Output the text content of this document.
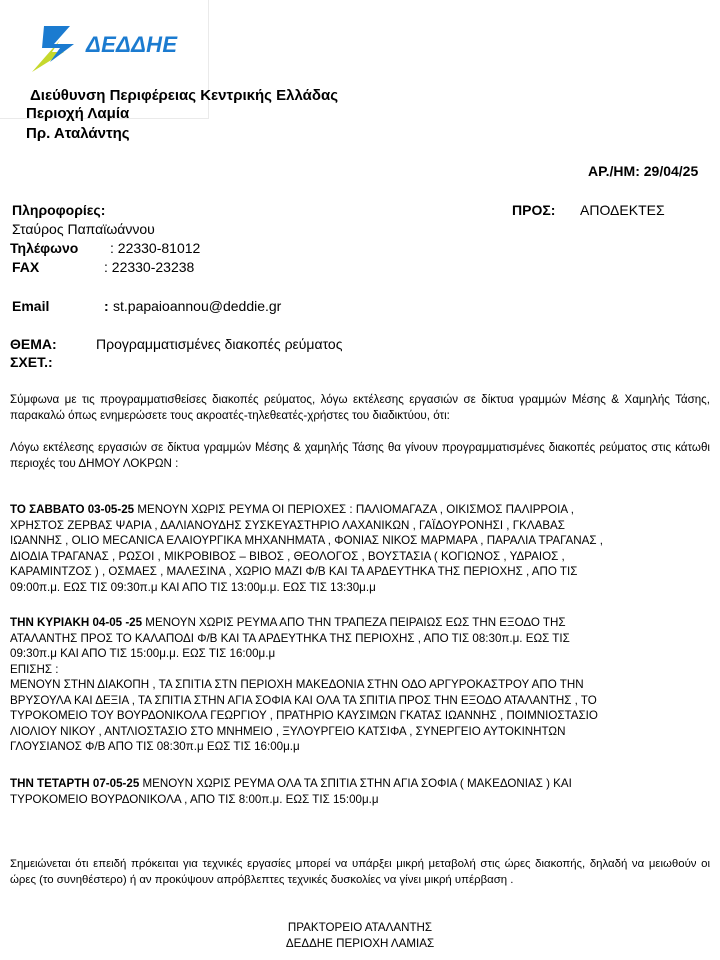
ΔΕΔΔΗΕ
Διεύθυνση Περιφέρειας Κεντρικής Ελλάδας
Περιοχή Λαμία
Πρ. Αταλάντης
ΑΡ./ΗΜ: 29/04/25
Πληροφορίες:
Σταύρος Παπαϊωάννου
Τηλέφωνο : 22330-81012
FAX	: 22330-23238
Email	: st.papaioannou@deddie.gr
ΠΡΟΣ: ΑΠΟΔΕΚΤΕΣ
ΘΕΜΑ:	Προγραμματισμένες διακοπές ρεύματος
ΣΧΕΤ.:
Σύμφωνα με τις προγραμματισθείσες διακοπές ρεύματος, λόγω εκτέλεσης εργασιών σε δίκτυα γραμμών Μέσης & Χαμηλής Τάσης, παρακαλώ όπως ενημερώσετε τους ακροατές-τηλεθεατές-χρήστες του διαδικτύου, ότι:
Λόγω εκτέλεσης εργασιών σε δίκτυα γραμμών Μέσης & χαμηλής Τάσης θα γίνουν προγραμματισμένες διακοπές ρεύματος στις κάτωθι περιοχές του ΔΗΜΟΥ ΛΟΚΡΩΝ :
ΤΟ ΣΑΒΒΑΤΟ 03-05-25 ΜΕΝΟΥΝ ΧΩΡΙΣ ΡΕΥΜΑ ΟΙ ΠΕΡΙΟΧΕΣ : ΠΑΛΙΟΜΑΓΑΖΑ , ΟΙΚΙΣΜΟΣ ΠΑΛΙΡΡΟΙΑ ,
ΧΡΗΣΤΟΣ ΖΕΡΒΑΣ ΨΑΡΙΑ , ΔΑΛΙΑΝΟΥΔΗΣ ΣΥΣΚΕΥΑΣΤΗΡΙΟ ΛΑΧΑΝΙΚΩΝ , ΓΑΪΔΟΥΡΟΝΗΣΙ , ΓΚΛΑΒΑΣ
ΙΩΑΝΝΗΣ , OLIO MECANICA ΕΛΑΙΟΥΡΓΙΚΑ ΜΗΧΑΝΗΜΑΤΑ , ΦΟΝΙΑΣ ΝΙΚΟΣ ΜΑΡΜΑΡΑ , ΠΑΡΑΛΙΑ ΤΡΑΓΑΝΑΣ ,
ΔΙΟΔΙΑ ΤΡΑΓΑΝΑΣ , ΡΩΣΟΙ , ΜΙΚΡΟΒΙΒΟΣ – ΒΙΒΟΣ , ΘΕΟΛΟΓΟΣ , ΒΟΥΣΤΑΣΙΑ ( ΚΟΓΙΩΝΟΣ , ΥΔΡΑΙΟΣ ,
ΚΑΡΑΜΙΝΤΖΟΣ ) , ΟΣΜΑΕΣ , ΜΑΛΕΣΙΝΑ , ΧΩΡΙΟ ΜΑΖΙ Φ/Β ΚΑΙ ΤΑ ΑΡΔΕΥΤΗΚΑ ΤΗΣ ΠΕΡΙΟΧΗΣ , ΑΠΟ ΤΙΣ
09:00π.μ. ΕΩΣ ΤΙΣ 09:30π.μ ΚΑΙ ΑΠΟ ΤΙΣ 13:00μ.μ. ΕΩΣ ΤΙΣ 13:30μ.μ
ΤΗΝ ΚΥΡΙΑΚΗ 04-05 -25 ΜΕΝΟΥΝ ΧΩΡΙΣ ΡΕΥΜΑ ΑΠΟ ΤΗΝ ΤΡΑΠΕΖΑ ΠΕΙΡΑΙΩΣ ΕΩΣ ΤΗΝ ΕΞΟΔΟ ΤΗΣ
ΑΤΑΛΑΝΤΗΣ ΠΡΟΣ ΤΟ ΚΑΛΑΠΟΔΙ Φ/Β ΚΑΙ ΤΑ ΑΡΔΕΥΤΗΚΑ ΤΗΣ ΠΕΡΙΟΧΗΣ , ΑΠΟ ΤΙΣ 08:30π.μ. ΕΩΣ ΤΙΣ
09:30π.μ ΚΑΙ ΑΠΟ ΤΙΣ 15:00μ.μ. ΕΩΣ ΤΙΣ 16:00μ.μ
ΕΠΙΣΗΣ :
ΜΕΝΟΥΝ ΣΤΗΝ ΔΙΑΚΟΠΗ , ΤΑ ΣΠΙΤΙΑ ΣΤΝ ΠΕΡΙΟΧΗ ΜΑΚΕΔΟΝΙΑ ΣΤΗΝ ΟΔΟ ΑΡΓΥΡΟΚΑΣΤΡΟΥ ΑΠΟ ΤΗΝ
ΒΡΥΣΟΥΛΑ ΚΑΙ ΔΕΞΙΑ , ΤΑ ΣΠΙΤΙΑ ΣΤΗΝ ΑΓΙΑ ΣΟΦΙΑ ΚΑΙ ΟΛΑ ΤΑ ΣΠΙΤΙΑ ΠΡΟΣ ΤΗΝ ΕΞΟΔΟ ΑΤΑΛΑΝΤΗΣ , ΤΟ
ΤΥΡΟΚΟΜΕΙΟ ΤΟΥ ΒΟΥΡΔΟΝΙΚΟΛΑ ΓΕΩΡΓΙΟΥ , ΠΡΑΤΗΡΙΟ ΚΑΥΣΙΜΩΝ ΓΚΑΤΑΣ ΙΩΑΝΝΗΣ , ΠΟΙΜΝΙΟΣΤΑΣΙΟ
ΛΙΟΛΙΟΥ ΝΙΚΟΥ , ΑΝΤΛΙΟΣΤΑΣΙΟ ΣΤΟ ΜΝΗΜΕΙΟ , ΞΥΛΟΥΡΓΕΙΟ ΚΑΤΣΙΦΑ , ΣΥΝΕΡΓΕΙΟ ΑΥΤΟΚΙΝΗΤΩΝ
ΓΛΟΥΣΙΑΝΟΣ Φ/Β ΑΠΟ ΤΙΣ 08:30π.μ ΕΩΣ ΤΙΣ 16:00μ.μ
ΤΗΝ ΤΕΤΑΡΤΗ 07-05-25 ΜΕΝΟΥΝ ΧΩΡΙΣ ΡΕΥΜΑ ΟΛΑ ΤΑ ΣΠΙΤΙΑ ΣΤΗΝ ΑΓΙΑ ΣΟΦΙΑ ( ΜΑΚΕΔΟΝΙΑΣ ) ΚΑΙ
ΤΥΡΟΚΟΜΕΙΟ ΒΟΥΡΔΟΝΙΚΟΛΑ , ΑΠΟ ΤΙΣ 8:00π.μ. ΕΩΣ ΤΙΣ 15:00μ.μ
Σημειώνεται ότι επειδή πρόκειται για τεχνικές εργασίες μπορεί να υπάρξει μικρή μεταβολή στις ώρες διακοπής, δηλαδή να μειωθούν οι ώρες (το συνηθέστερο) ή αν προκύψουν απρόβλεπτες τεχνικές δυσκολίες να γίνει μικρή υπέρβαση .
ΠΡΑΚΤΟΡΕΙΟ ΑΤΑΛΑΝΤΗΣ
ΔΕΔΔΗΕ ΠΕΡΙΟΧΗ ΛΑΜΙΑΣ
